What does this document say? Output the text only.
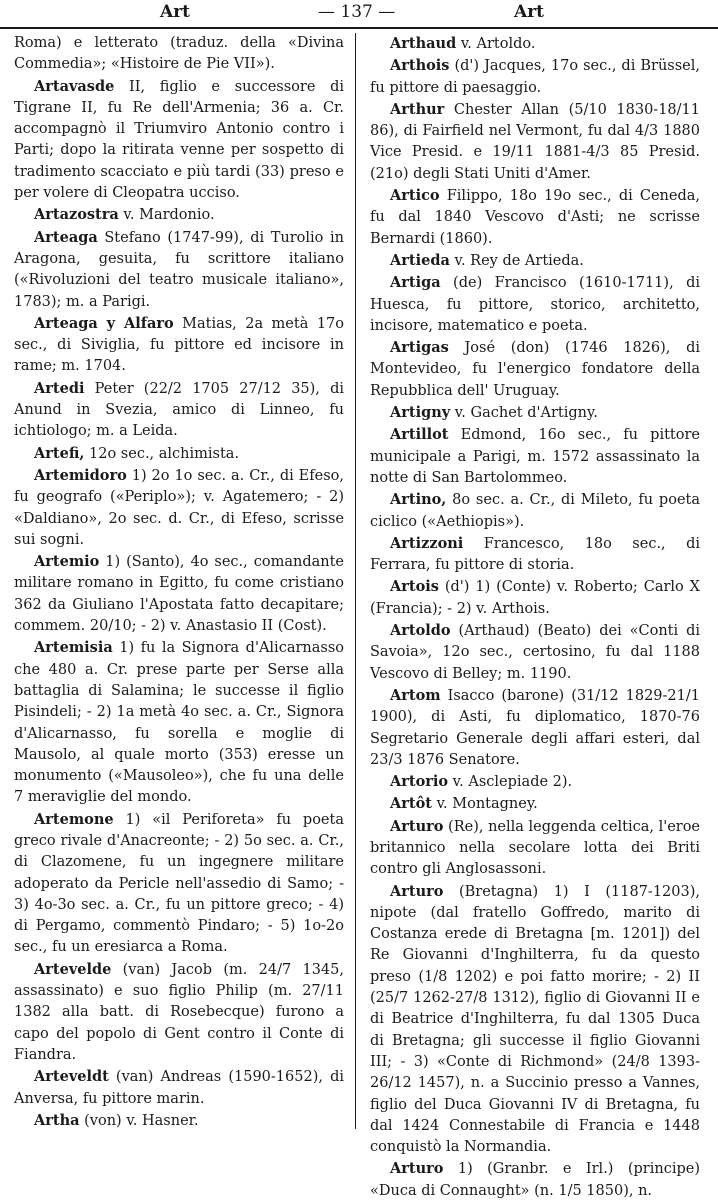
Art	— 137 —	Art

Roma) e letterato (traduz. della «Divina Commedia»; «Histoire de Pie VII»).

Artavasde II, figlio e successore di Tigrane II, fu Re dell'Armenia; 36 a. Cr. accompagnò il Triumviro Antonio contro i Parti; dopo la ritirata venne per sospetto di tradimento scacciato e più tardi (33) preso e per volere di Cleopatra ucciso.

Artazostra v. Mardonio.

Arteaga Stefano (1747-99), di Turolio in Aragona, gesuita, fu scrittore italiano («Rivoluzioni del teatro musicale italiano», 1783); m. a Parigi.

Arteaga y Alfaro Matias, 2a metà 17o sec., di Siviglia, fu pittore ed incisore in rame; m. 1704.

Artedi Peter (22/2 1705 27/12 35), di Anund in Svezia, amico di Linneo, fu ichtiologo; m. a Leida.

Artefi, 12o sec., alchimista.

Artemidoro 1) 2o 1o sec. a. Cr., di Efeso, fu geografo («Periplo»); v. Agatemero; - 2) «Daldiano», 2o sec. d. Cr., di Efeso, scrisse sui sogni.

Artemio 1) (Santo), 4o sec., comandante militare romano in Egitto, fu come cristiano 362 da Giuliano l'Apostata fatto decapitare; commem. 20/10; - 2) v. Anastasio II (Cost).

Artemisia 1) fu la Signora d'Alicarnasso che 480 a. Cr. prese parte per Serse alla battaglia di Salamina; le successe il figlio Pisindeli; - 2) 1a metà 4o sec. a. Cr., Signora d'Alicarnasso, fu sorella e moglie di Mausolo, al quale morto (353) eresse un monumento («Mausoleo»), che fu una delle 7 meraviglie del mondo.

Artemone 1) «il Periforeta» fu poeta greco rivale d'Anacreonte; - 2) 5o sec. a. Cr., di Clazomene, fu un ingegnere militare adoperato da Pericle nell'assedio di Samo; - 3) 4o-3o sec. a. Cr., fu un pittore greco; - 4) di Pergamo, commentò Pindaro; - 5) 1o-2o sec., fu un eresiarca a Roma.

Artevelde (van) Jacob (m. 24/7 1345, assassinato) e suo figlio Philip (m. 27/11 1382 alla batt. di Rosebecque) furono a capo del popolo di Gent contro il Conte di Fiandra.

Arteveldt (van) Andreas (1590-1652), di Anversa, fu pittore marin.

Artha (von) v. Hasner.

Arthaud v. Artoldo.

Arthois (d') Jacques, 17o sec., di Brüssel, fu pittore di paesaggio.

Arthur Chester Allan (5/10 1830-18/11 86), di Fairfield nel Vermont, fu dal 4/3 1880 Vice Presid. e 19/11 1881-4/3 85 Presid. (21o) degli Stati Uniti d'Amer.

Artico Filippo, 18o 19o sec., di Ceneda, fu dal 1840 Vescovo d'Asti; ne scrisse Bernardi (1860).

Artieda v. Rey de Artieda.

Artiga (de) Francisco (1610-1711), di Huesca, fu pittore, storico, architetto, incisore, matematico e poeta.

Artigas José (don) (1746 1826), di Montevideo, fu l'energico fondatore della Repubblica dell' Uruguay.

Artigny v. Gachet d'Artigny.

Artillot Edmond, 16o sec., fu pittore municipale a Parigi, m. 1572 assassinato la notte di San Bartolommeo.

Artino, 8o sec. a. Cr., di Mileto, fu poeta ciclico («Aethiopis»).

Artizzoni Francesco, 18o sec., di Ferrara, fu pittore di storia.

Artois (d') 1) (Conte) v. Roberto; Carlo X (Francia); - 2) v. Arthois.

Artoldo (Arthaud) (Beato) dei «Conti di Savoia», 12o sec., certosino, fu dal 1188 Vescovo di Belley; m. 1190.

Artom Isacco (barone) (31/12 1829-21/1 1900), di Asti, fu diplomatico, 1870-76 Segretario Generale degli affari esteri, dal 23/3 1876 Senatore.

Artorio v. Asclepiade 2).

Artôt v. Montagney.

Arturo (Re), nella leggenda celtica, l'eroe britannico nella secolare lotta dei Briti contro gli Anglosassoni.

Arturo (Bretagna) 1) I (1187-1203), nipote (dal fratello Goffredo, marito di Costanza erede di Bretagna [m. 1201]) del Re Giovanni d'Inghilterra, fu da questo preso (1/8 1202) e poi fatto morire; - 2) II (25/7 1262-27/8 1312), figlio di Giovanni II e di Beatrice d'Inghilterra, fu dal 1305 Duca di Bretagna; gli successe il figlio Giovanni III; - 3) «Conte di Richmond» (24/8 1393-26/12 1457), n. a Succinio presso a Vannes, figlio del Duca Giovanni IV di Bretagna, fu dal 1424 Connestabile di Francia e 1448 conquistò la Normandia.

Arturo 1) (Granbr. e Irl.) (principe) «Duca di Connaught» (n. 1/5 1850), n.
